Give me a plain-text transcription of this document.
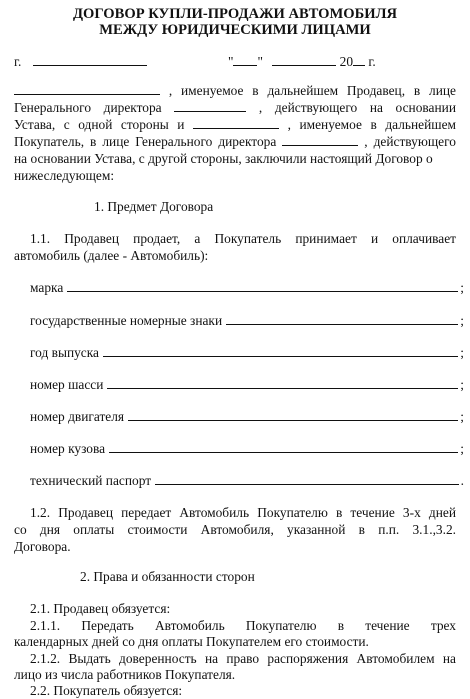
ДОГОВОР КУПЛИ-ПРОДАЖИ АВТОМОБИЛЯ
МЕЖДУ ЮРИДИЧЕСКИМИ ЛИЦАМИ
г.	" "	20 г.
, именуемое в дальнейшем Продавец, в лице
Генерального директора	, действующего на основании
Устава, с одной стороны и	, именуемое в дальнейшем
Покупатель, в лице Генерального директора	, действующего
на основании Устава, с другой стороны, заключили настоящий Договор о
нижеследующем:
1. Предмет Договора
1.1. Продавец продает, а Покупатель принимает и оплачивает
автомобиль (далее - Автомобиль):
марка	;
государственные номерные знаки	;
год выпуска	;
номер шасси	;
номер двигателя	;
номер кузова	;
технический паспорт	.
1.2. Продавец передает Автомобиль Покупателю в течение 3-х дней
со дня оплаты стоимости Автомобиля, указанной в п.п. 3.1.,3.2.
Договора.
2. Права и обязанности сторон
2.1. Продавец обязуется:
2.1.1. Передать Автомобиль Покупателю в течение трех
календарных дней со дня оплаты Покупателем его стоимости.
2.1.2. Выдать доверенность на право распоряжения Автомобилем на
лицо из числа работников Покупателя.
2.2. Покупатель обязуется:
